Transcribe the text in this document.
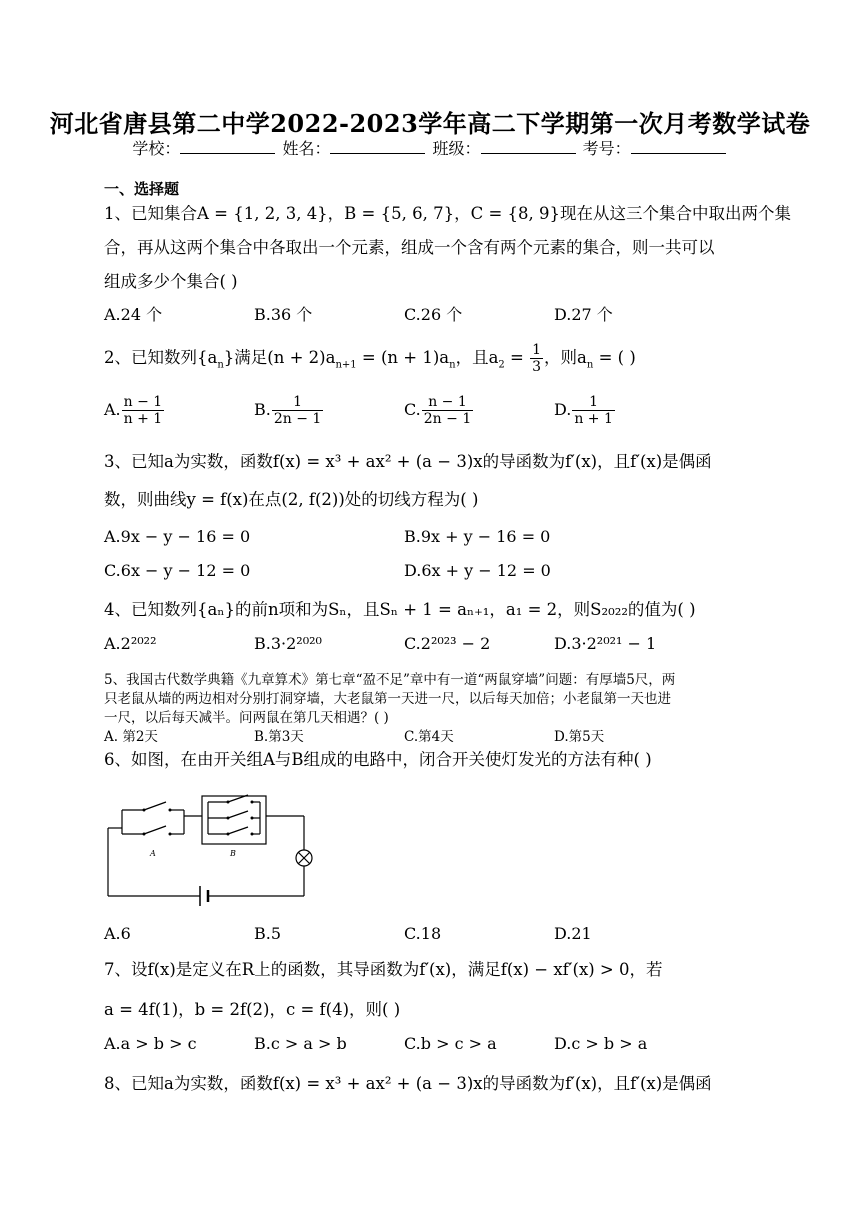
河北省唐县第二中学2022-2023学年高二下学期第一次月考数学试卷
学校：	姓名：	班级：	考号：
一、选择题
1、已知集合A = {1, 2, 3, 4}，B = {5, 6, 7}，C = {8, 9}现在从这三个集合中取出两个集
合，再从这两个集合中各取出一个元素，组成一个含有两个元素的集合，则一共可以
组成多少个集合( )
A.24 个	B.36 个	C.26 个	D.27 个
2、已知数列$\{a_n\}$满足$(n + 2)a_{n+1} = (n + 1)a_n$，且$a_2 = \frac{1}{3}$ ，则$a_n$ = ( )
A. $\frac{n - 1}{n + 1}$	B. $\frac{1}{2n - 1}$	C. $\frac{n - 1}{2n - 1}$	D. $\frac{1}{n + 1}$
3、已知a为实数，函数f(x) = x³ + ax² + (a − 3)x的导函数为f′(x)，且f′(x)是偶函
数，则曲线y = f(x)在点(2, f(2))处的切线方程为( )
A.9x − y − 16 = 0	B.9x + y − 16 = 0
C.6x − y − 12 = 0	D.6x + y − 12 = 0
4、已知数列{aₙ}的前n项和为Sₙ，且Sₙ + 1 = aₙ₊₁，a₁ = 2，则S₂₀₂₂的值为( )
A.2²⁰²²	B.3·2²⁰²⁰	C.2²⁰²³ − 2	D.3·2²⁰²¹ − 1
5、我国古代数学典籍《九章算术》第七章“盈不足”章中有一道“两鼠穿墙”问题：有厚墙5尺，两
只老鼠从墙的两边相对分别打洞穿墙，大老鼠第一天进一尺，以后每天加倍；小老鼠第一天也进
一尺，以后每天减半。问两鼠在第几天相遇？( )
A. 第2天	B.第3天	C.第4天	D.第5天
6、如图，在由开关组A与B组成的电路中，闭合开关使灯发光的方法有种( )
A	B
A.6	B.5	C.18	D.21
7、设f(x)是定义在R上的函数，其导函数为f′(x)，满足f(x) − xf′(x) > 0，若
a = 4f(1)，b = 2f(2)，c = f(4)，则( )
A.a > b > c	B.c > a > b	C.b > c > a	D.c > b > a
8、已知a为实数，函数f(x) = x³ + ax² + (a − 3)x的导函数为f′(x)，且f′(x)是偶函
